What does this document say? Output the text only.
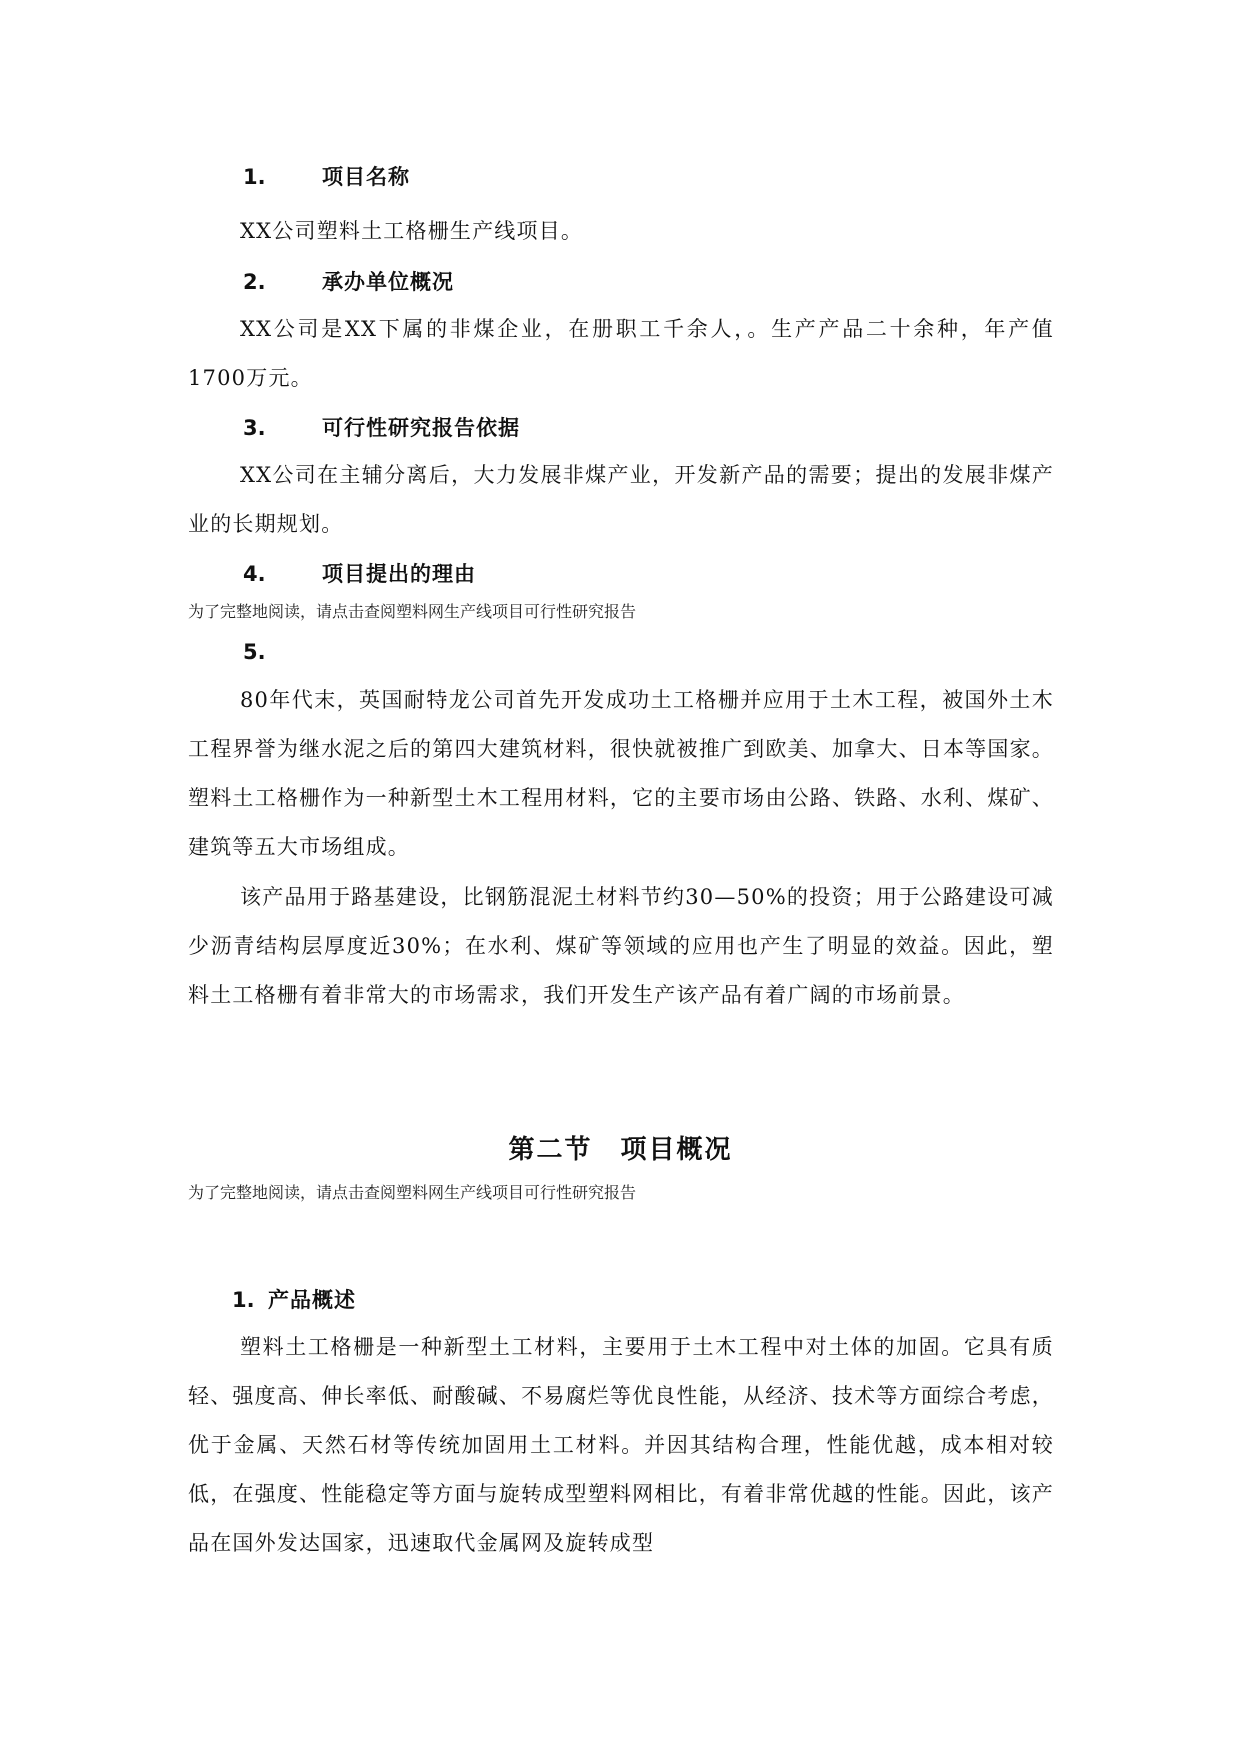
1.	项目名称
XX公司塑料土工格栅生产线项目。
2.	承办单位概况
XX公司是XX下属的非煤企业，在册职工千余人，。生产产品二十余种，年产值1700万元。
3.	可行性研究报告依据
XX公司在主辅分离后，大力发展非煤产业，开发新产品的需要；提出的发展非煤产业的长期规划。
4.	项目提出的理由
为了完整地阅读，请点击查阅塑料网生产线项目可行性研究报告
5.
80年代末，英国耐特龙公司首先开发成功土工格栅并应用于土木工程，被国外土木工程界誉为继水泥之后的第四大建筑材料，很快就被推广到欧美、加拿大、日本等国家。塑料土工格栅作为一种新型土木工程用材料，它的主要市场由公路、铁路、水利、煤矿、建筑等五大市场组成。
该产品用于路基建设，比钢筋混泥土材料节约30—50%的投资；用于公路建设可减少沥青结构层厚度近30%；在水利、煤矿等领域的应用也产生了明显的效益。因此，塑料土工格栅有着非常大的市场需求，我们开发生产该产品有着广阔的市场前景。
第二节　项目概况
为了完整地阅读，请点击查阅塑料网生产线项目可行性研究报告
1. 产品概述
塑料土工格栅是一种新型土工材料，主要用于土木工程中对土体的加固。它具有质轻、强度高、伸长率低、耐酸碱、不易腐烂等优良性能，从经济、技术等方面综合考虑，优于金属、天然石材等传统加固用土工材料。并因其结构合理，性能优越，成本相对较低，在强度、性能稳定等方面与旋转成型塑料网相比，有着非常优越的性能。因此，该产品在国外发达国家，迅速取代金属网及旋转成型
